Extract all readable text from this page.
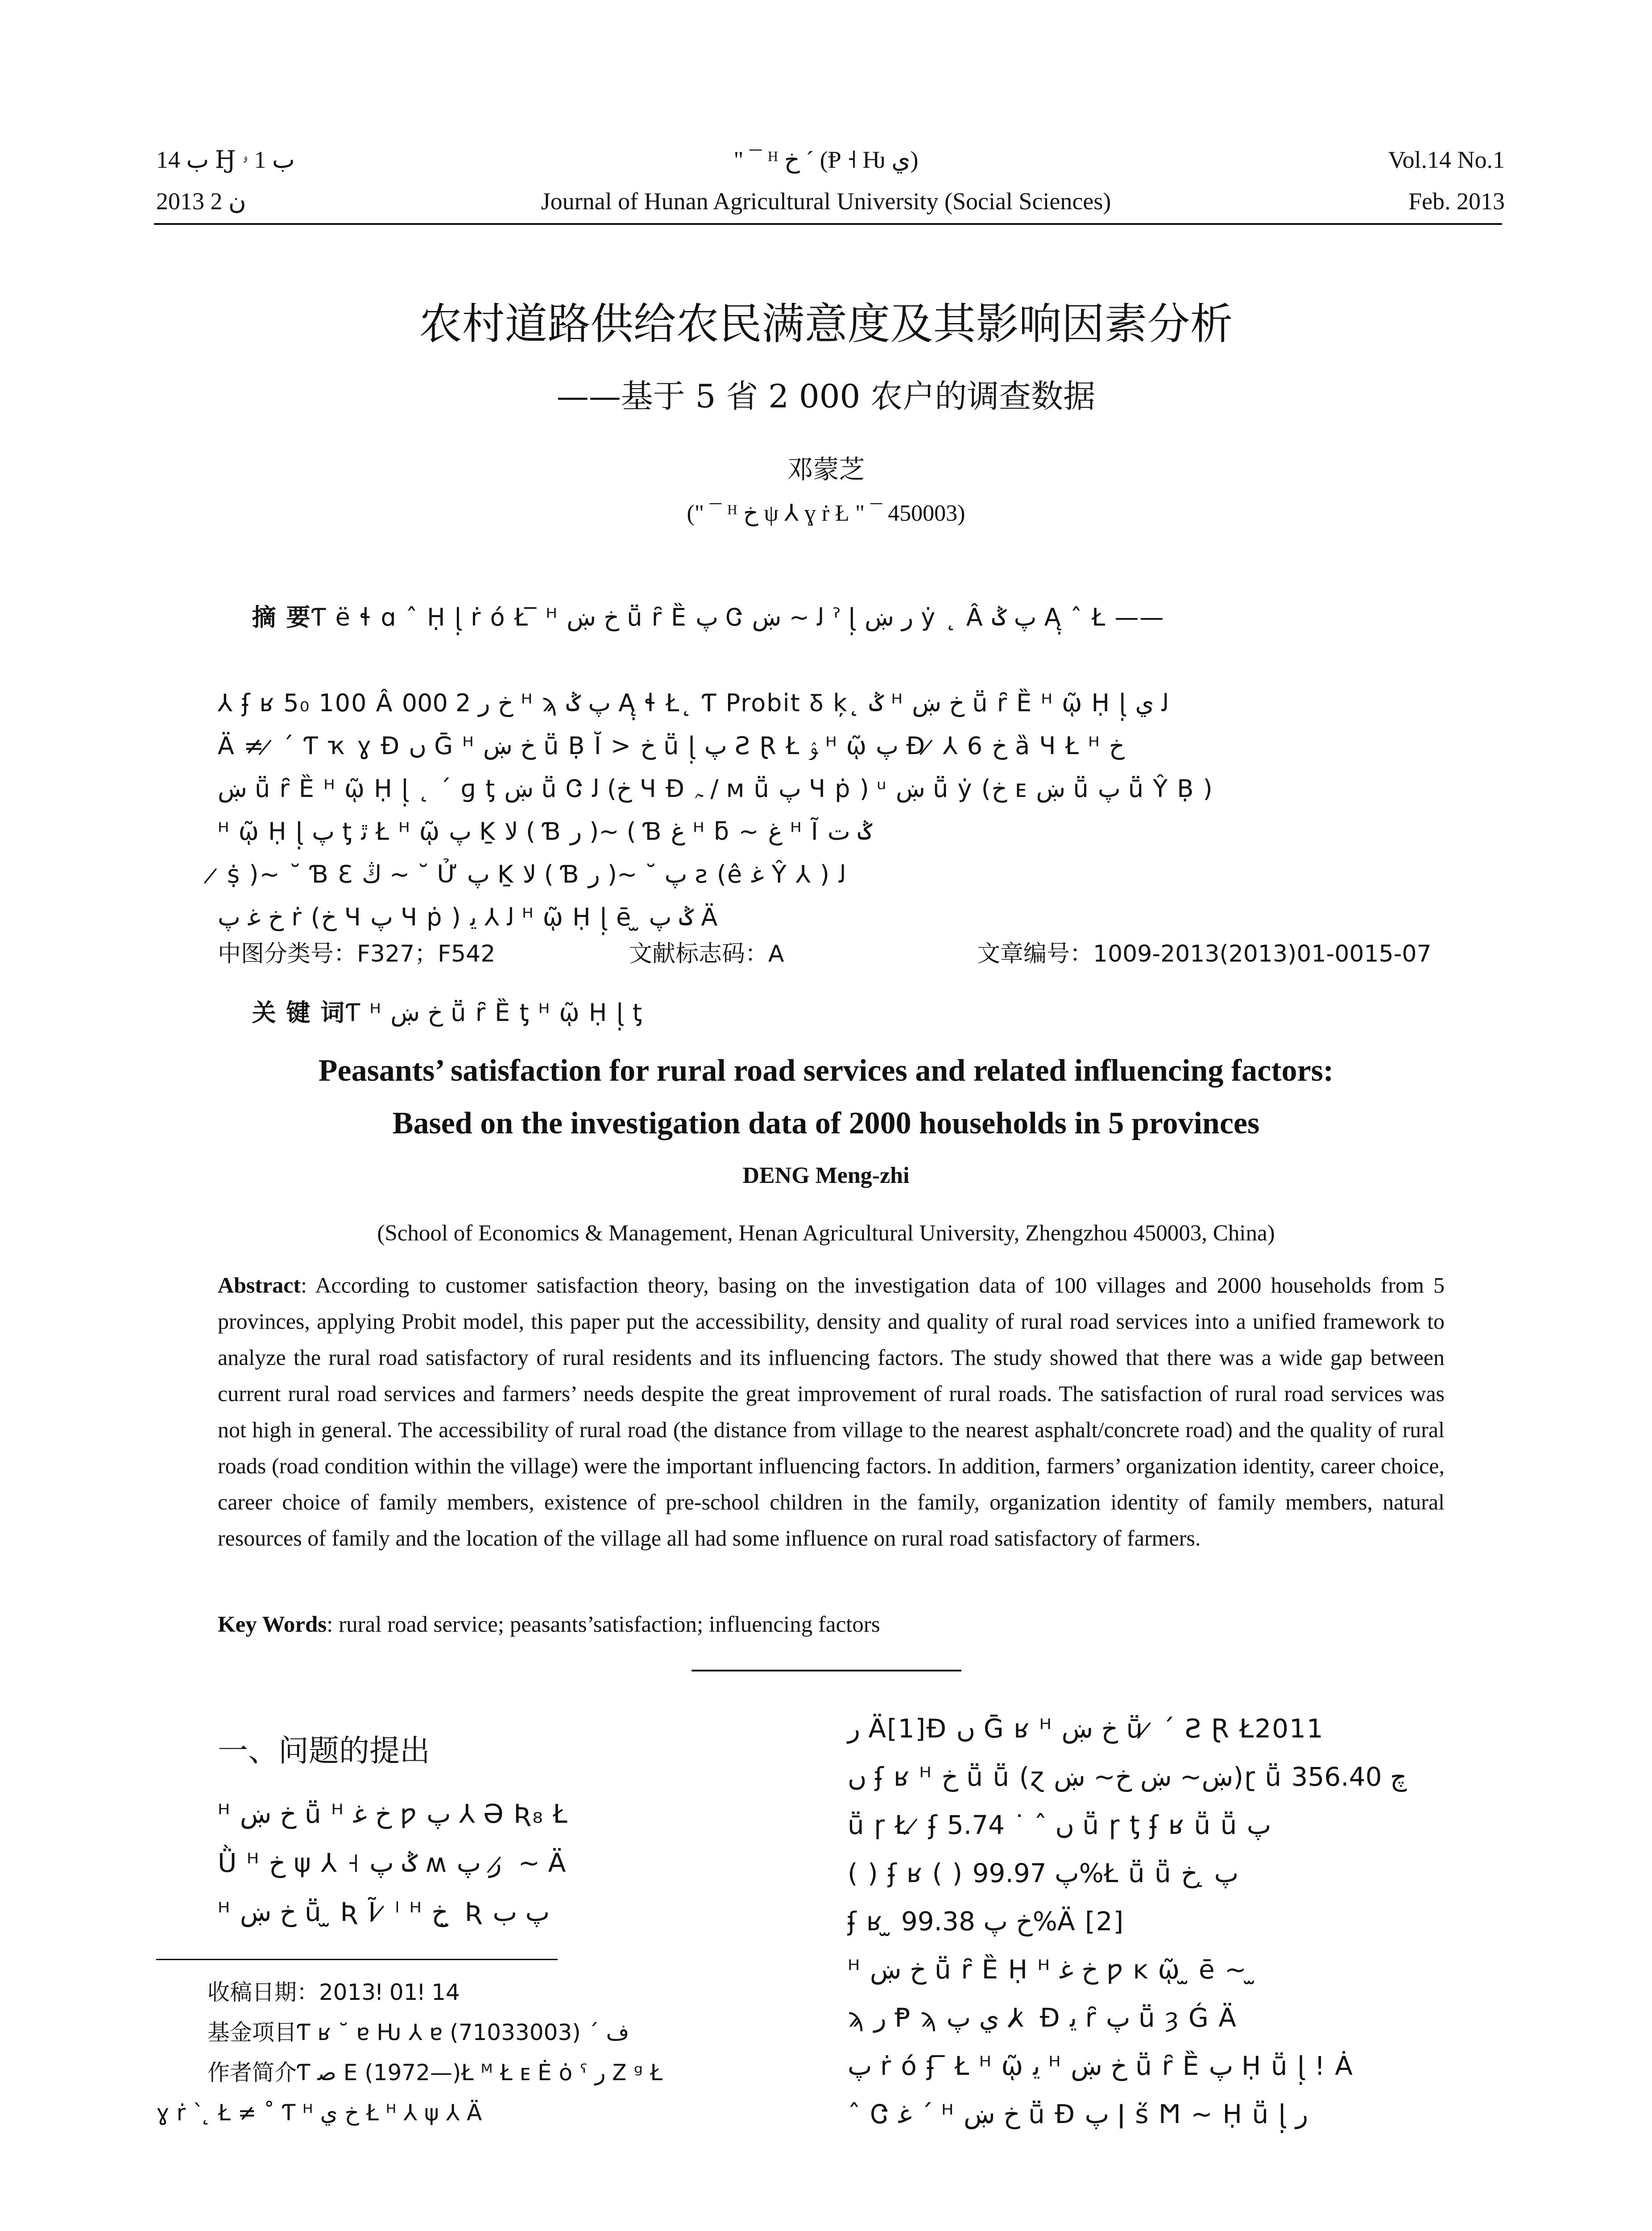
ب 14 Ꜧ ب 1 ۥ
2013 ن 2
" ¯ ᴴ ﺥ ˊ (Ᵽ ˧ Ƕ ي)
Journal of Hunan Agricultural University (Social Sciences)
Vol.14 No.1
Feb. 2013
农村道路供给农民满意度及其影响因素分析
——基于 5 省 2 000 农户的调查数据
邓蒙芝
(" ¯ ᴴ ﺥ ψ ⅄ ɣ ṙ Ł " ¯ 450003)

摘 要Ƭ ë ɬ ɑ ˆ Ḥ ɭ̣ ṙ ó Ł ̅ ᴴ ﺥ ښ ṻ ȓ Ȅ پ Ꮳ ﻟ ~ ښ ˀ ɭ̣ ﺭ ښ ẏ ˛ Â پ ݣ Ą̣ ˆ Ł ——

⅄ ʄ ʁ 5₀ 100 Â ﺥ ﺭ 2 000 ᴴ ϡ پ ݣ Ą̣ ɬ Ł˛ Ƭ Probit Ᵹ ķ˛ ݣ ᴴ ﺥ ښ ṻ ȓ Ȅ ᴴ ῷ Ḥ ɭ̣ ﻟ ي
Ä ≠ ̷ ˊ Ƭ ҡ ɣ Ɖ ں Ḡ ᴴ ﺥ ښ ṻ Ḅ Ĭ > ﺥ ṻ ɭ̣ پ Ƨ Ɽ Ł ﯣ ᴴ ῷ پ Ɖ ̷ ⅄ 6 ﺥ ȁ Ч Ł ᴴ ﺥ
ښ ṻ ȓ Ȅ ᴴ ῷ Ḥ ɭ̣ ˛ ˊ ɡ ƫ ښ ṻ Ꮳ ﻟ (ﺥ Ч Ɖ ﮧ / ᴍ ṻ پ Ч ṗ ) ᵘ ښ ṻ ẏ (ﺥ ᴇ ښ ṻ پ ṻ Ŷ Ḅ )
ᴴ ῷ Ḥ ɭ̣ پ ƫ ﭤ Ł ᴴ ῷ پ Ḵ ﻻ ( Ɓ ﺭ )~ ( Ɓ ﻍ ᴴ ƃ ~ ﻍ ᴴ Ĩ ݣ ت
̷ ṩ )~ ˘ Ɓ Ɛ ﯓ ~ ˘ Ử پ Ḵ ﻻ ( Ɓ ﺭ )~ ˘ پ ƨ (ê ﻏ Ŷ ⅄ ) ﻟ
ﺥ ﻏ پ ṙ (ﺥ Ч پ Ч ṗ ) ﻟ ⅄ ﯾ ᴴ ῷ Ḥ ɭ̣ ē ̫ ݣ پ Ä

关 键 词Ƭ ᴴ ﺥ ښ ṻ ȓ Ȅ ƫ ᴴ ῷ Ḥ ɭ̣ ƫ

中图分类号：F327；F542	文献标志码：A	文章编号：1009-2013(2013)01-0015-07
Peasants’ satisfaction for rural road services and related influencing factors:
Based on the investigation data of 2000 households in 5 provinces
DENG Meng-zhi
(School of Economics & Management, Henan Agricultural University, Zhengzhou 450003, China)
Abstract: According to customer satisfaction theory, basing on the investigation data of 100 villages and 2000 households from 5 provinces, applying Probit model, this paper put the accessibility, density and quality of rural road services into a unified framework to analyze the rural road satisfactory of rural residents and its influencing factors. The study showed that there was a wide gap between current rural road services and farmers’ needs despite the great improvement of rural roads. The satisfaction of rural road services was not high in general. The accessibility of rural road (the distance from village to the nearest asphalt/concrete road) and the quality of rural roads (road condition within the village) were the important influencing factors. In addition, farmers’ organization identity, career choice, career choice of family members, existence of pre-school children in the family, organization identity of family members, natural resources of family and the location of the village all had some influence on rural road satisfactory of farmers.
Key Words: rural road service; peasants’satisfaction; influencing factors
一、问题的提出
ᴴ ﺥ ښ ṻ ᴴ ﺥ ﻏ ƿ پ ⅄ Ә Ʀ₈ Ł
Ǜ ᴴ ﺥ ψ ⅄ ˧ ݣ پ ʍ ﺭ پ ̷ ~ Ä
ᴴ ﺥ ښ ṻ ̫ Ʀ Ĩ ̷ ˡ ᴴ ﺥ ̫ Ʀ پ ب
收稿日期：2013ǃ 01ǃ 14
基金项目Ƭ ʁ ˘ ɐ Ƕ ⅄ ɐ ﻑ ˊ (71033003)
作者简介Ƭ ﺻ E (1972—)Ł ᴹ Ł ᴇ Ė ȯ ˤ ﺭ Ꮓ ᵍ Ł
ɣ ṙ ˋ ̨ Ł ≠ ˚ Ƭ ᴴ ﺥ ي Ł ᴴ ⅄ ψ ⅄ Ä
ﺭ Ä[1]Ɖ ں Ḡ ʁ ᴴ ﺥ ښ ṻ ̷ ˊ Ƨ Ɽ Ł2011
ں ʄ ʁ ᴴ ﺥ ṻ ṻ (ɀ ښ~ ښ ﺥ~ ښ)ɽ ṻ ﭺ 356.40
ṻ ɼ Ł ̷ ʄ ں ˆ ˙ 5.74 ṻ ɼ ƫ ʄ ʁ ṻ ṻ پ
( ) ʄ ʁ ( ) پ 99.97%Ł ṻ ṻ پ ̨ ﺥ
ʄ ʁ ̫ ﺥ پ 99.38%Ä [2]
ᴴ ﺥ ښ ṻ ȓ Ȅ Ḥ ᴴ ﺥ ﻏ ƿ ĸ ῷ ̫ ē ~ ̫
ϡ ﺭ Ᵽ ϡ ي پ ⅄ ̷ Ɖ ﯾ ȓ پ ṻ ȝ Ǵ Ä
ﭖ ṙ ó ʄ ̅ Ł ᴴ ῷ ﯾ ᴴ ﺥ ښ ṻ ȓ Ȅ پ Ḥ ṻ ɭ̣ ! Ȧ
ˆ Ꮳ ﻏ ˊ ᴴ ﺥ ښ ṻ Ɖ پ ǀ ṥ Ϻ ~ Ḥ ṻ ɭ̣ ﺭ
